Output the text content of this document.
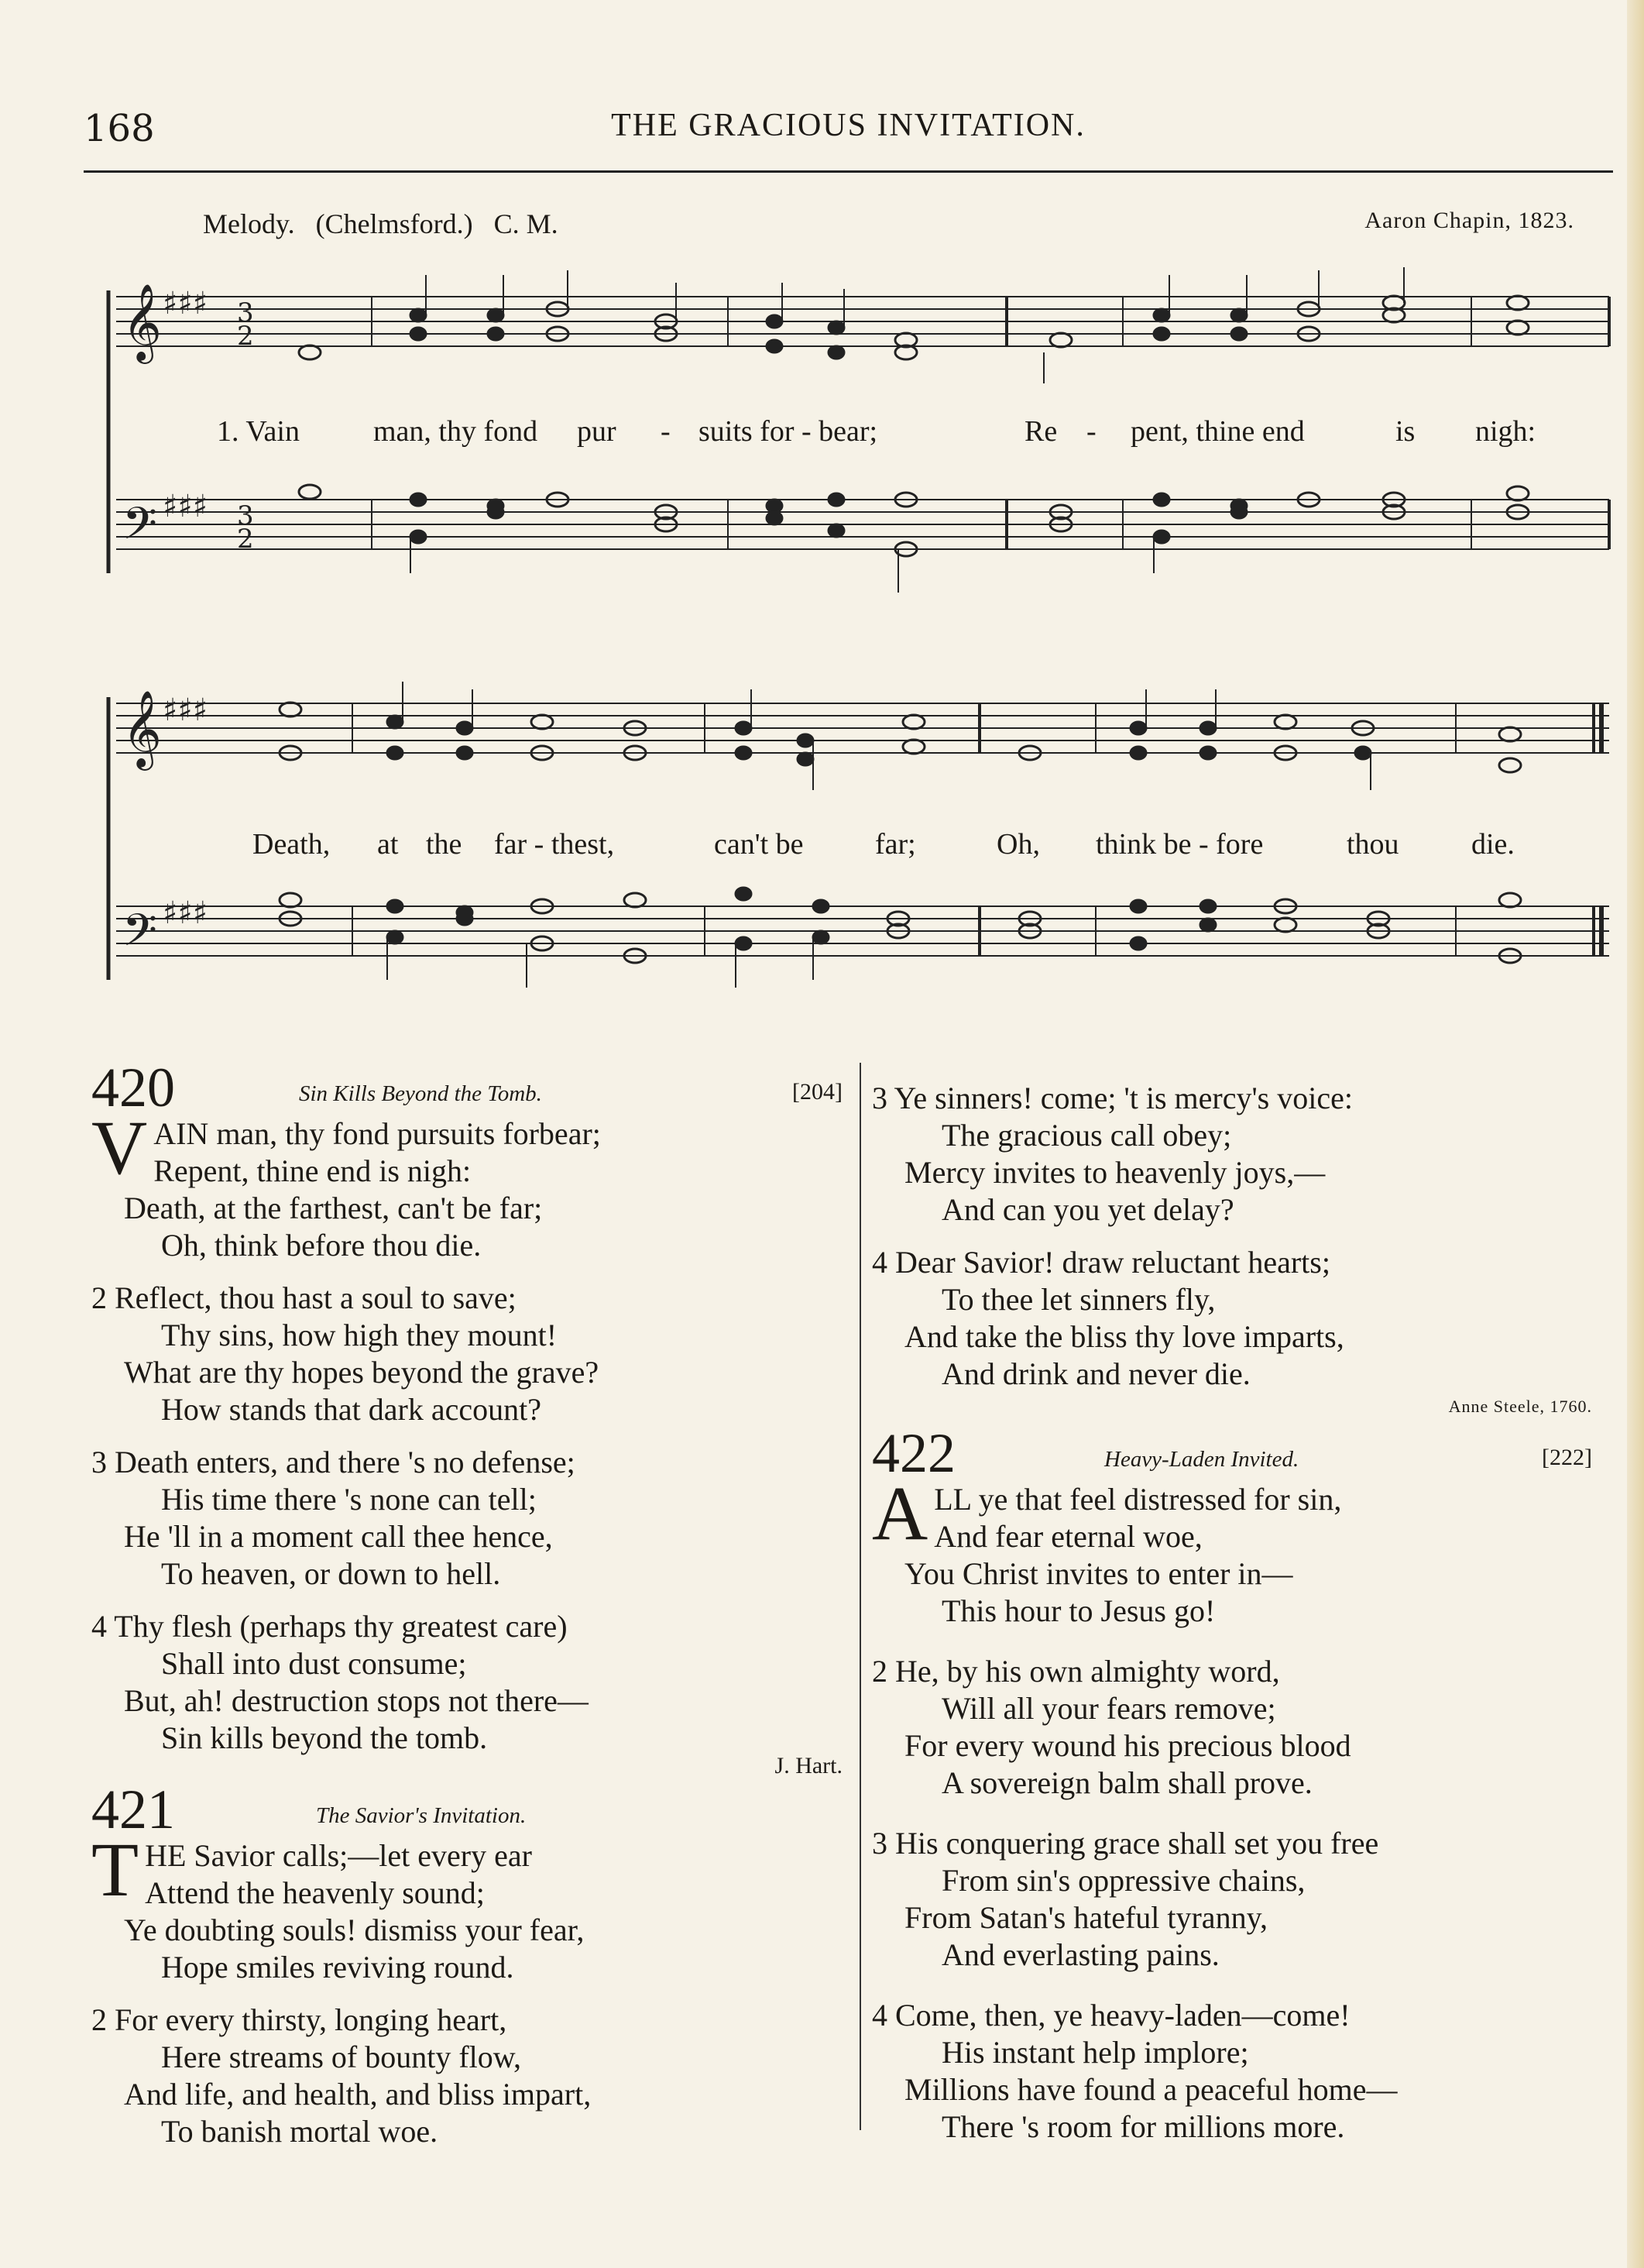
168	THE GRACIOUS INVITATION.
Melody. (Chelmsford.) C. M.	Aaron Chapin, 1823.
𝄞 ♯♯♯ 3
2
𝄢 ♯♯♯ 3
2
1. Vain	man, thy fond pur - suits for - bear;	Re - pent, thine end	is nigh:
𝄞 ♯♯♯
𝄢 ♯♯♯
Death, at the far - thest,	can't be far;	Oh, think be - fore	thou die.
420	Sin Kills Beyond the Tomb.	[204]
V AIN man, thy fond pursuits forbear;
Repent, thine end is nigh:
Death, at the farthest, can't be far;
Oh, think before thou die.
2 Reflect, thou hast a soul to save;
Thy sins, how high they mount!
What are thy hopes beyond the grave?
How stands that dark account?
3 Death enters, and there 's no defense;
His time there 's none can tell;
He 'll in a moment call thee hence,
To heaven, or down to hell.
4 Thy flesh (perhaps thy greatest care)
Shall into dust consume;
But, ah! destruction stops not there—
Sin kills beyond the tomb.
J. Hart.
421	The Savior's Invitation.
T HE Savior calls;—let every ear
Attend the heavenly sound;
Ye doubting souls! dismiss your fear,
Hope smiles reviving round.
2 For every thirsty, longing heart,
Here streams of bounty flow,
And life, and health, and bliss impart,
To banish mortal woe.
3 Ye sinners! come; 't is mercy's voice:
The gracious call obey;
Mercy invites to heavenly joys,—
And can you yet delay?
4 Dear Savior! draw reluctant hearts;
To thee let sinners fly,
And take the bliss thy love imparts,
And drink and never die.
Anne Steele, 1760.
422	Heavy-Laden Invited.	[222]
A LL ye that feel distressed for sin,
And fear eternal woe,
You Christ invites to enter in—
This hour to Jesus go!
2 He, by his own almighty word,
Will all your fears remove;
For every wound his precious blood
A sovereign balm shall prove.
3 His conquering grace shall set you free
From sin's oppressive chains,
From Satan's hateful tyranny,
And everlasting pains.
4 Come, then, ye heavy-laden—come!
His instant help implore;
Millions have found a peaceful home—
There 's room for millions more.
